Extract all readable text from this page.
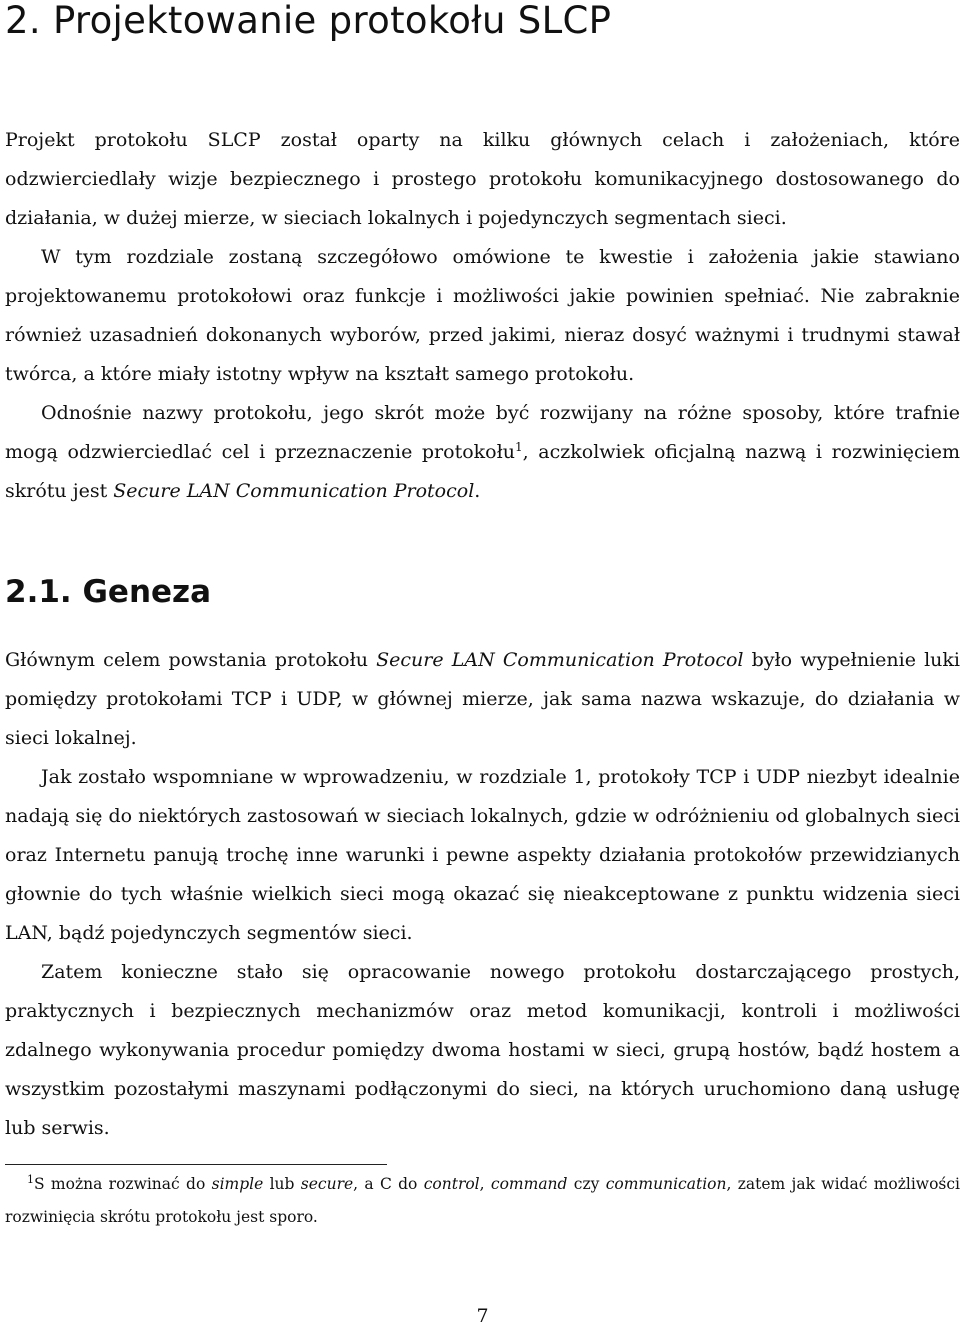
2. Projektowanie protokołu SLCP

Projekt protokołu SLCP został oparty na kilku głównych celach i założeniach, które odzwierciedlały wizje bezpiecznego i prostego protokołu komunikacyjnego dostosowanego do działania, w dużej mierze, w sieciach lokalnych i pojedynczych segmentach sieci.

W tym rozdziale zostaną szczegółowo omówione te kwestie i założenia jakie stawiano projektowanemu protokołowi oraz funkcje i możliwości jakie powinien spełniać. Nie zabraknie również uzasadnień dokonanych wyborów, przed jakimi, nieraz dosyć ważnymi i trudnymi stawał twórca, a które miały istotny wpływ na kształt samego protokołu.

Odnośnie nazwy protokołu, jego skrót może być rozwijany na różne sposoby, które trafnie mogą odzwierciedlać cel i przeznaczenie protokołu$^1$, aczkolwiek oficjalną nazwą i rozwinięciem skrótu jest Secure LAN Communication Protocol.

2.1. Geneza

Głównym celem powstania protokołu Secure LAN Communication Protocol było wypełnienie luki pomiędzy protokołami TCP i UDP, w głównej mierze, jak sama nazwa wskazuje, do działania w sieci lokalnej.

Jak zostało wspomniane w wprowadzeniu, w rozdziale 1, protokoły TCP i UDP niezbyt idealnie nadają się do niektórych zastosowań w sieciach lokalnych, gdzie w odróżnieniu od globalnych sieci oraz Internetu panują trochę inne warunki i pewne aspekty działania protokołów przewidzianych głownie do tych właśnie wielkich sieci mogą okazać się nieakceptowane z punktu widzenia sieci LAN, bądź pojedynczych segmentów sieci.

Zatem konieczne stało się opracowanie nowego protokołu dostarczającego prostych, praktycznych i bezpiecznych mechanizmów oraz metod komunikacji, kontroli i możliwości zdalnego wykonywania procedur pomiędzy dwoma hostami w sieci, grupą hostów, bądź hostem a wszystkim pozostałymi maszynami podłączonymi do sieci, na których uruchomiono daną usługę lub serwis.

$^1$S można rozwinać do simple lub secure, a C do control, command czy communication, zatem jak widać możliwości rozwinięcia skrótu protokołu jest sporo.

7
